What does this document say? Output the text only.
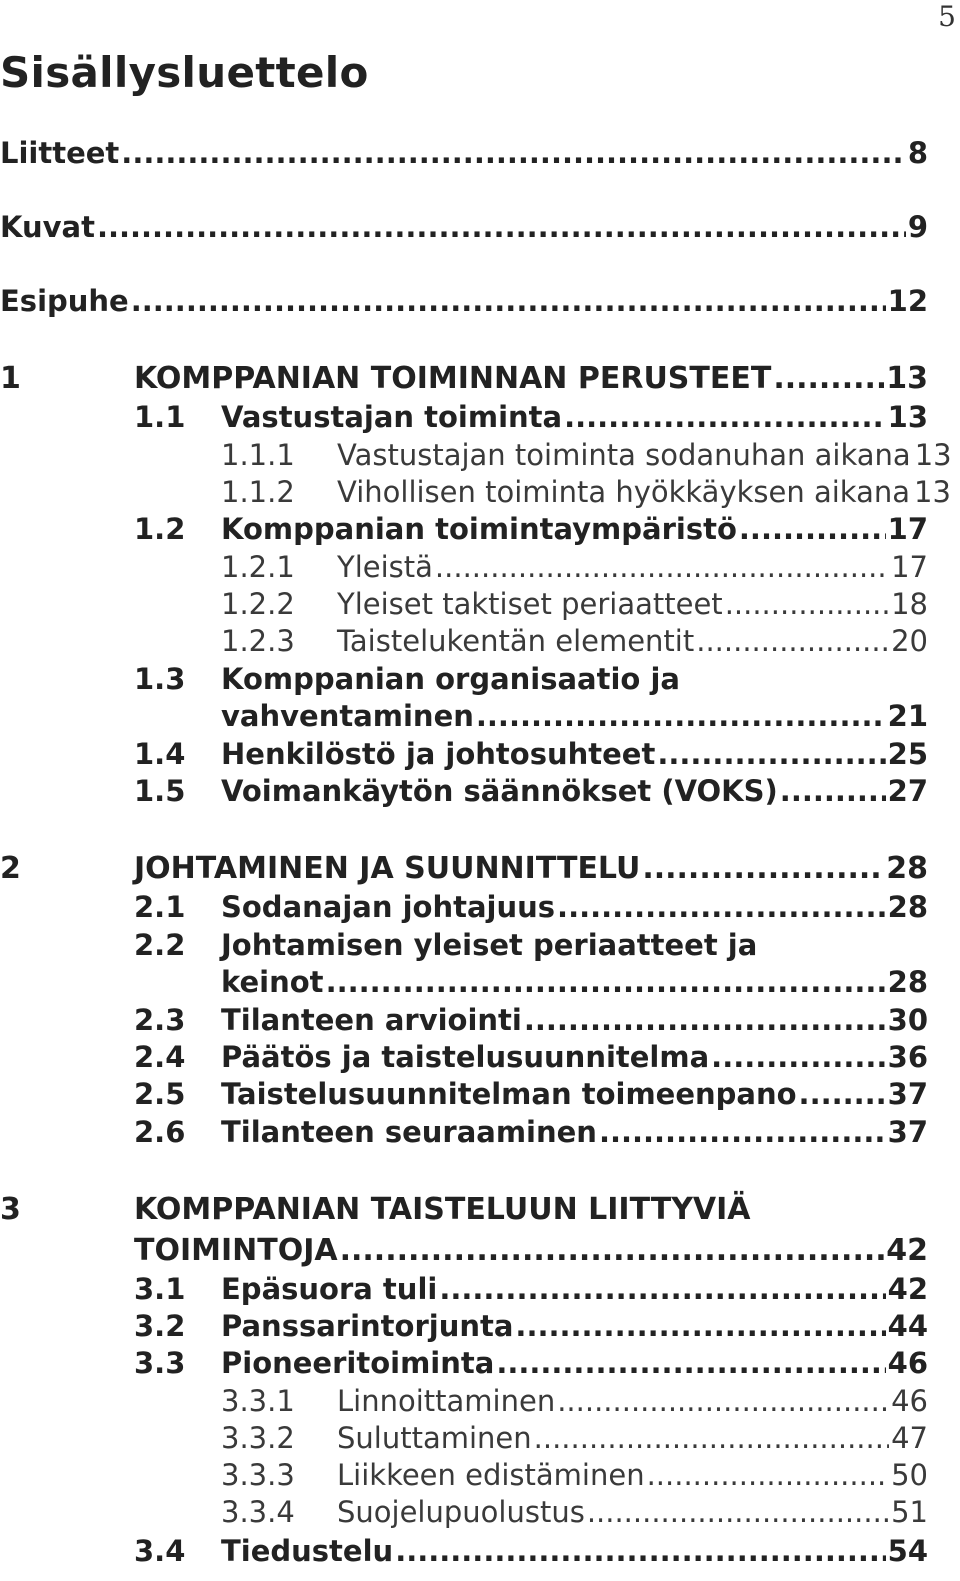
5
Sisällysluettelo
Liitteet .....	8
Kuvat .....	9
Esipuhe .....	12
1	KOMPPANIAN TOIMINNAN PERUSTEET .....	13
1.1 Vastustajan toiminta .....	13
1.1.1 Vastustajan toiminta sodanuhan aikana 13
1.1.2 Vihollisen toiminta hyökkäyksen aikana 13
1.2 Komppanian toimintaympäristö .....	17
1.2.1 Yleistä .....	17
1.2.2 Yleiset taktiset periaatteet .....	18
1.2.3 Taistelukentän elementit .....	20
1.3 Komppanian organisaatio ja
vahventaminen .....	21
1.4 Henkilöstö ja johtosuhteet .....	25
1.5 Voimankäytön säännökset (VOKS) .....	27
2	JOHTAMINEN JA SUUNNITTELU .....	28
2.1 Sodanajan johtajuus .....	28
2.2 Johtamisen yleiset periaatteet ja
keinot .....	28
2.3 Tilanteen arviointi .....	30
2.4 Päätös ja taistelusuunnitelma .....	36
2.5 Taistelusuunnitelman toimeenpano .....	37
2.6 Tilanteen seuraaminen .....	37
3	KOMPPANIAN TAISTELUUN LIITTYVIÄ
TOIMINTOJA .....	42
3.1 Epäsuora tuli .....	42
3.2 Panssarintorjunta .....	44
3.3 Pioneeritoiminta .....	46
3.3.1 Linnoittaminen .....	46
3.3.2 Suluttaminen .....	47
3.3.3 Liikkeen edistäminen .....	50
3.3.4 Suojelupuolustus .....	51
3.4 Tiedustelu .....	54
